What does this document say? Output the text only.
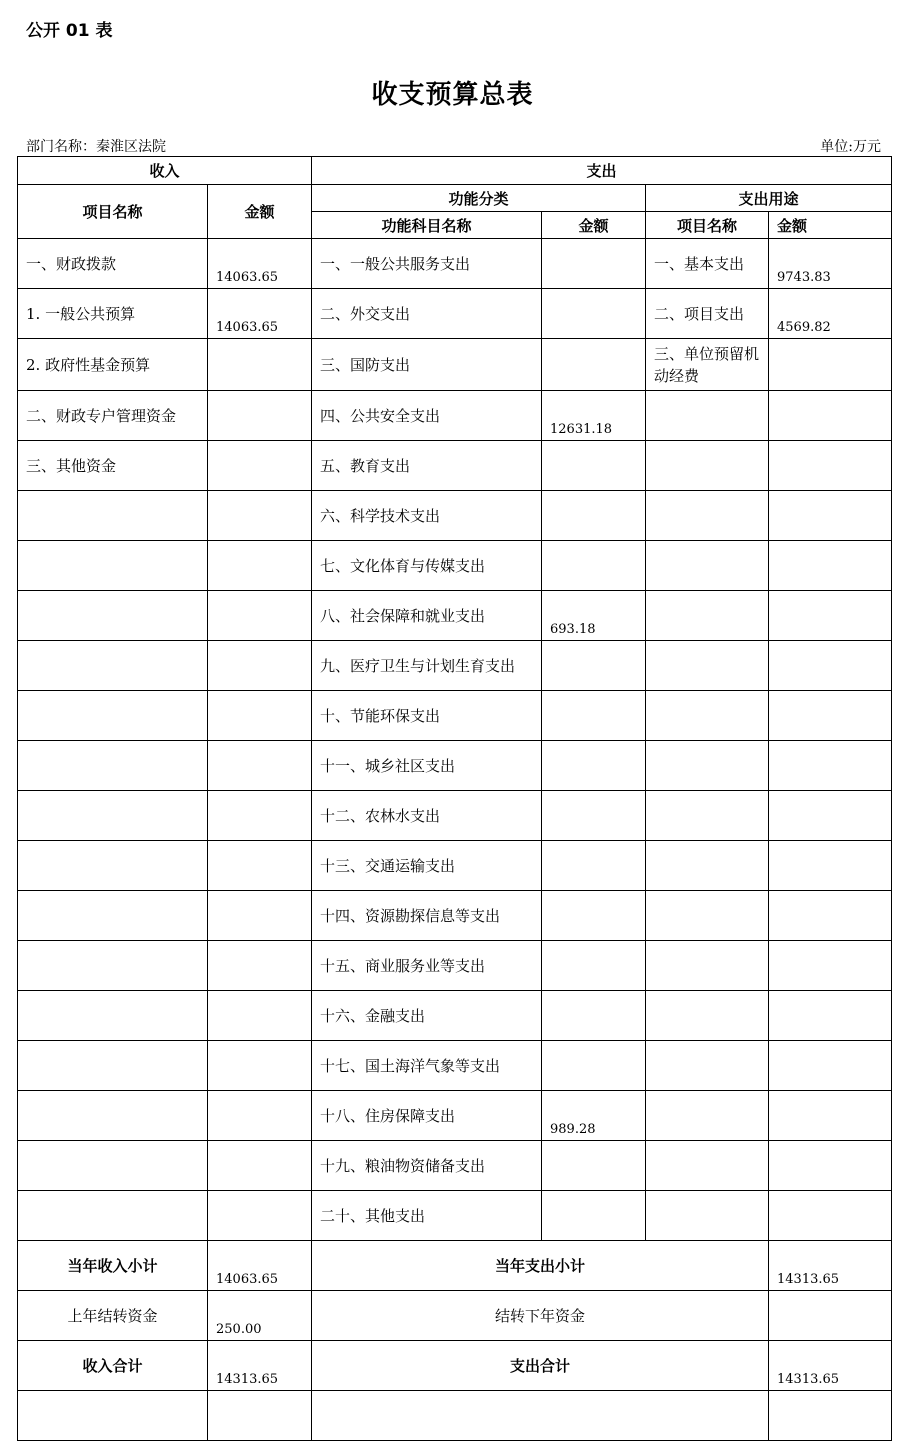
公开 01 表
收支预算总表
部门名称：秦淮区法院	单位:万元
收入		支出			
项目名称	金额	功能分类		支出用途	
		功能科目名称	金额	项目名称	金额
一、财政拨款	14063.65	一、一般公共服务支出		一、基本支出	9743.83
1. 一般公共预算	14063.65	二、外交支出		二、项目支出	4569.82
2. 政府性基金预算		三、国防支出		三、单位预留机动经费	
二、财政专户管理资金		四、公共安全支出	12631.18		
三、其他资金		五、教育支出			
		六、科学技术支出			
		七、文化体育与传媒支出			
		八、社会保障和就业支出	693.18		
		九、医疗卫生与计划生育支出			
		十、节能环保支出			
		十一、城乡社区支出			
		十二、农林水支出			
		十三、交通运输支出			
		十四、资源勘探信息等支出			
		十五、商业服务业等支出			
		十六、金融支出			
		十七、国土海洋气象等支出			
		十八、住房保障支出	989.28		
		十九、粮油物资储备支出			
		二十、其他支出			
当年收入小计	14063.65	当年支出小计			14313.65
上年结转资金	250.00	结转下年资金			
收入合计	14313.65	支出合计			14313.65
